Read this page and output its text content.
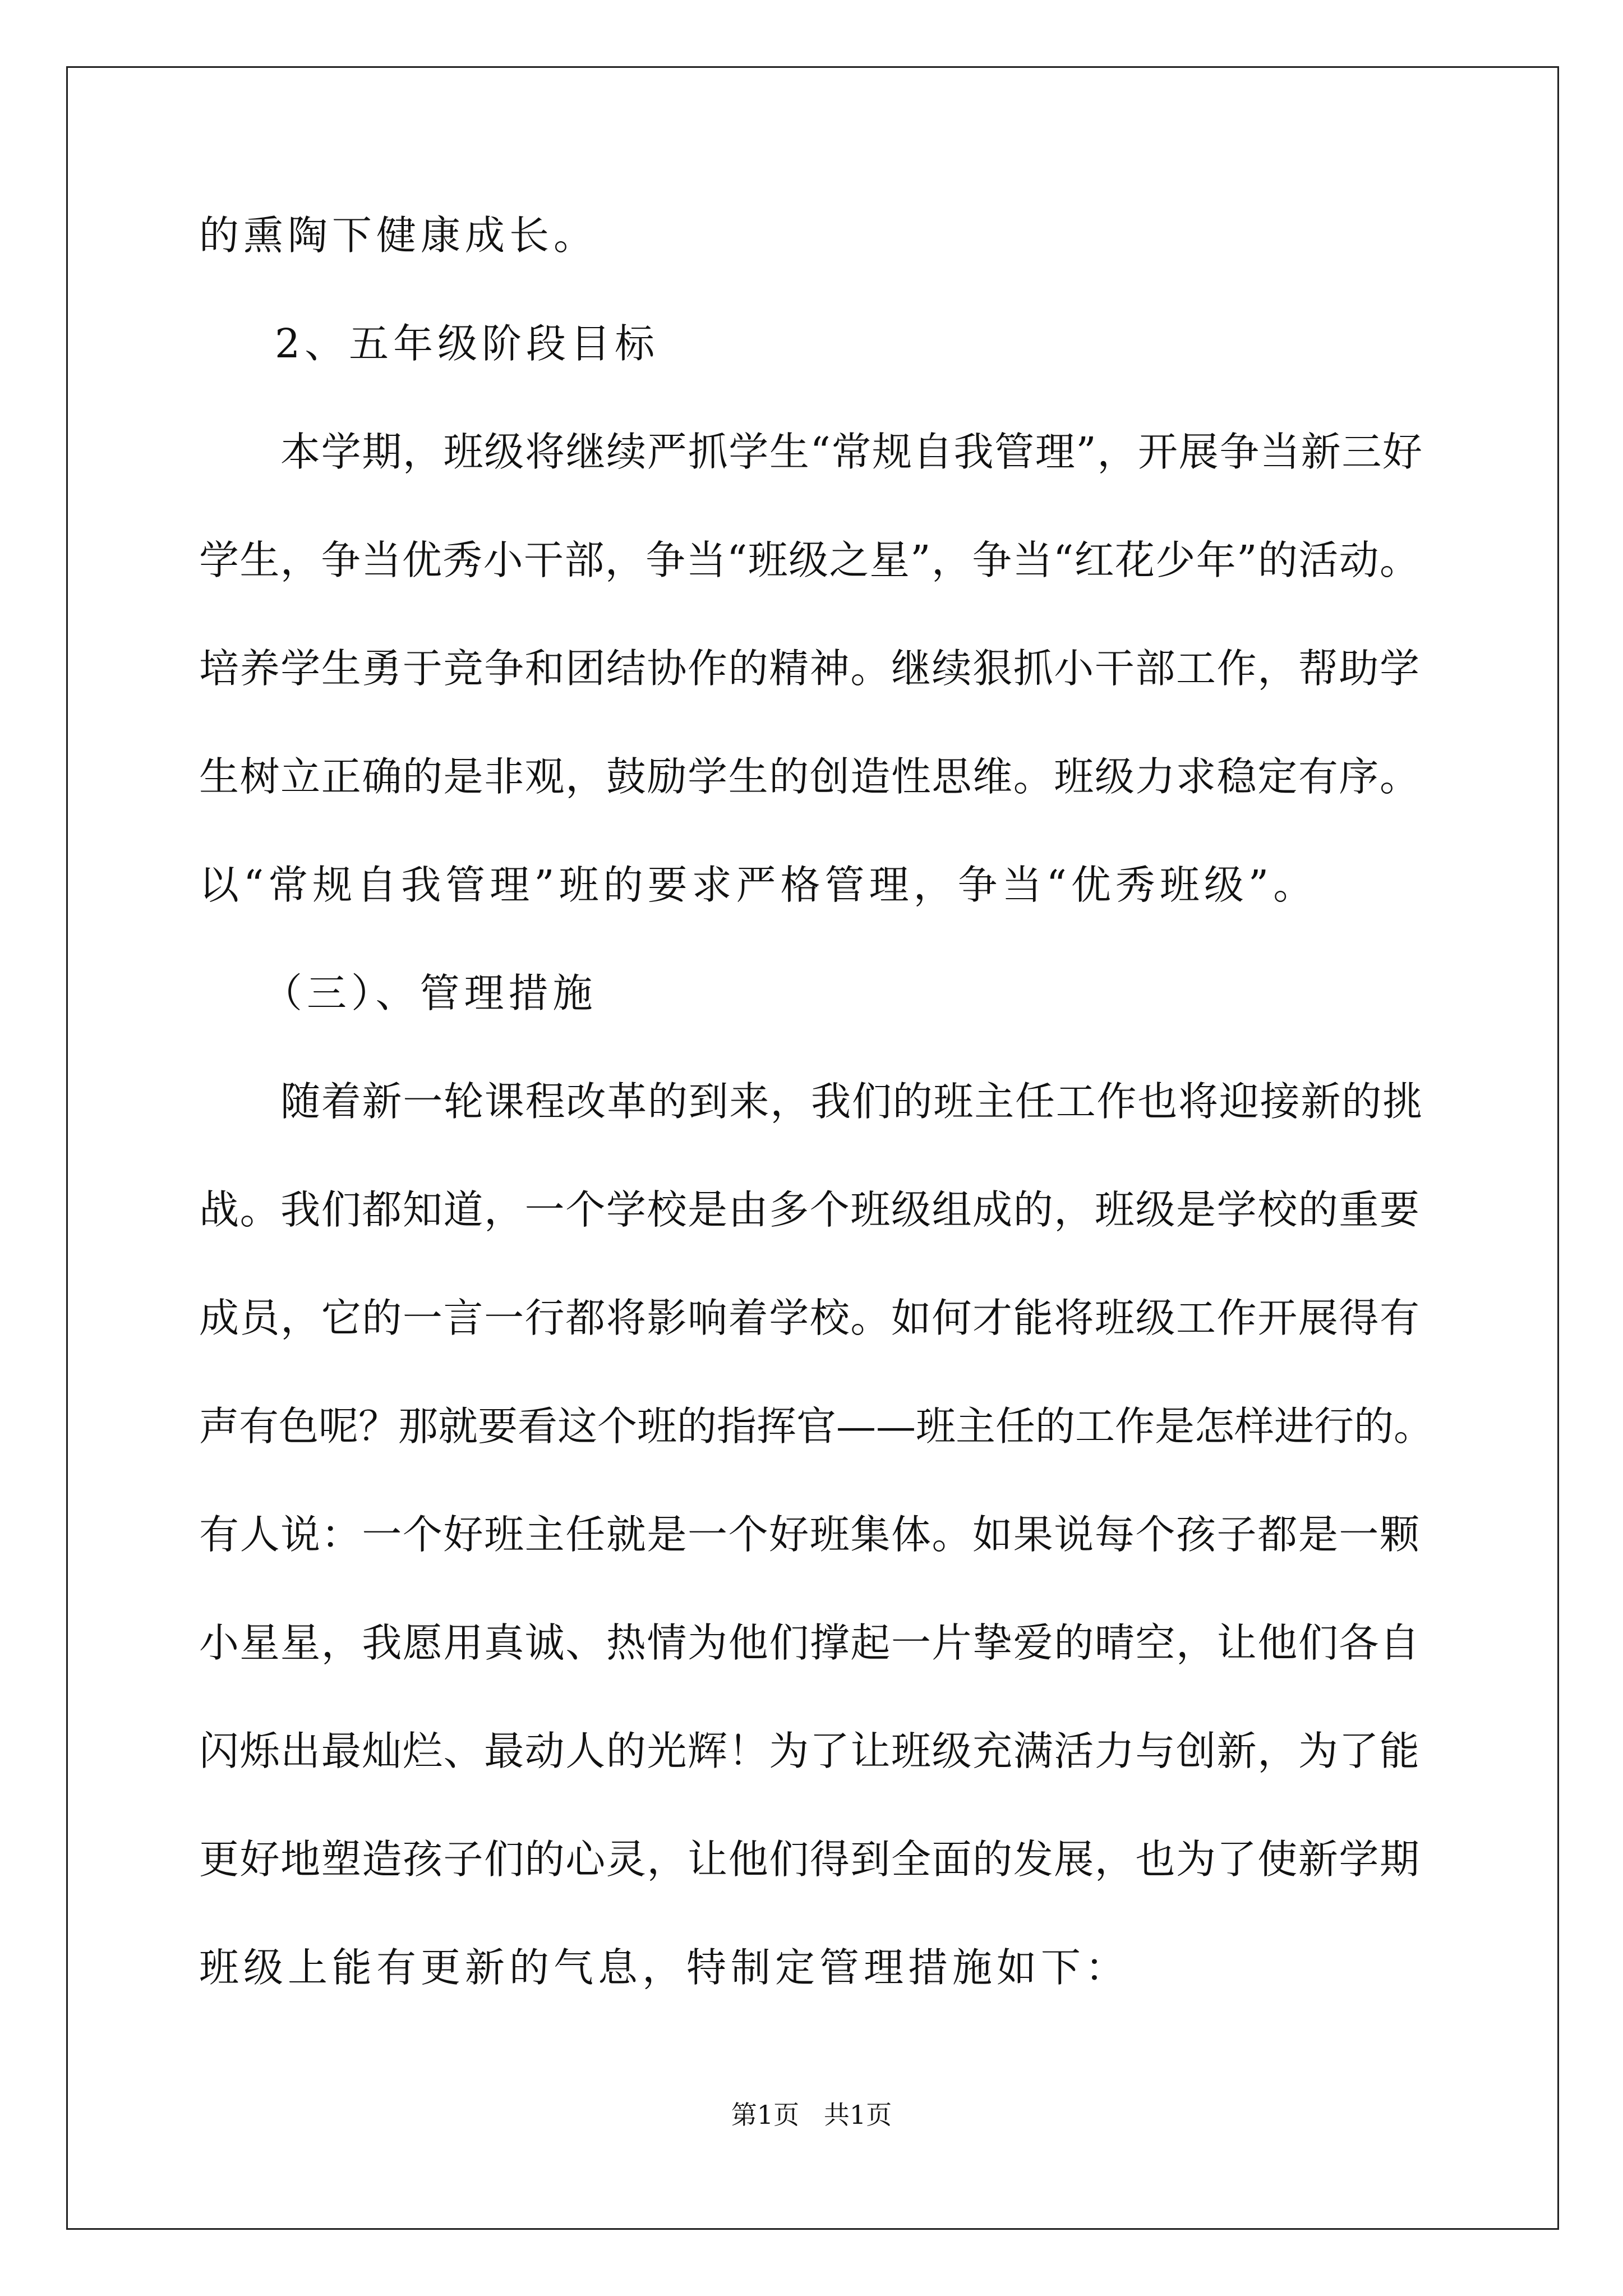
的熏陶下健康成长。

2、五年级阶段目标

本学期，班级将继续严抓学生“常规自我管理”，开展争当新三好

学生，争当优秀小干部，争当“班级之星”，争当“红花少年”的活动。

培养学生勇于竞争和团结协作的精神。继续狠抓小干部工作，帮助学

生树立正确的是非观，鼓励学生的创造性思维。班级力求稳定有序。

以“常规自我管理”班的要求严格管理，争当“优秀班级”。

（三）、管理措施

随着新一轮课程改革的到来，我们的班主任工作也将迎接新的挑

战。我们都知道，一个学校是由多个班级组成的，班级是学校的重要

成员，它的一言一行都将影响着学校。如何才能将班级工作开展得有

声有色呢？那就要看这个班的指挥官——班主任的工作是怎样进行的。

有人说：一个好班主任就是一个好班集体。如果说每个孩子都是一颗

小星星，我愿用真诚、热情为他们撑起一片挚爱的晴空，让他们各自

闪烁出最灿烂、最动人的光辉！为了让班级充满活力与创新，为了能

更好地塑造孩子们的心灵，让他们得到全面的发展，也为了使新学期

班级上能有更新的气息，特制定管理措施如下：

第1页   共1页
